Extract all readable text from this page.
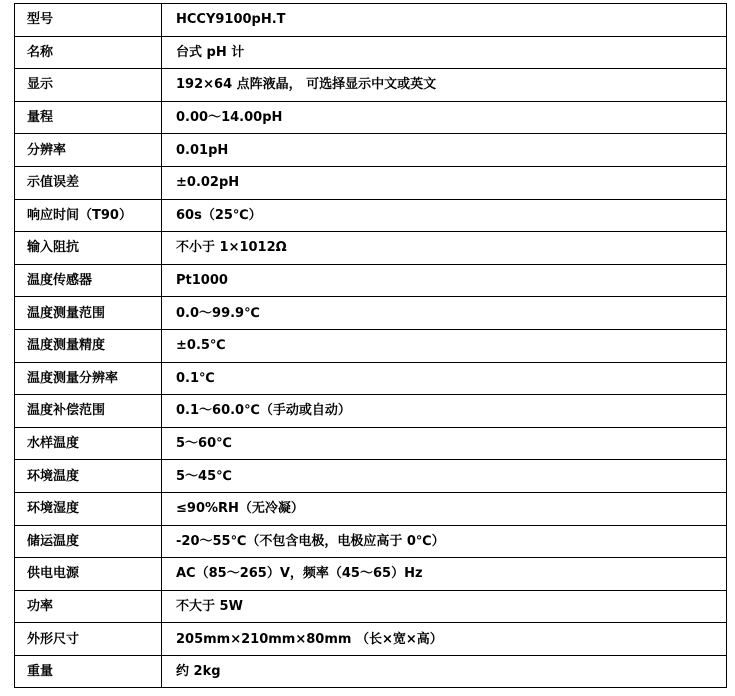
型号	HCCY9100pH.T
名称	台式 pH 计
显示	192×64 点阵液晶， 可选择显示中文或英文
量程	0.00～14.00pH
分辨率	0.01pH
示值误差	±0.02pH
响应时间（T90）	60s（25℃）
输入阻抗	不小于 1×1012Ω
温度传感器	Pt1000
温度测量范围	0.0～99.9℃
温度测量精度	±0.5℃
温度测量分辨率	0.1℃
温度补偿范围	0.1～60.0℃（手动或自动）
水样温度	5～60℃
环境温度	5～45℃
环境湿度	≤90%RH（无冷凝）
储运温度	-20～55℃（不包含电极，电极应高于 0℃）
供电电源	AC（85～265）V，频率（45～65）Hz
功率	不大于 5W
外形尺寸	205mm×210mm×80mm （长×宽×高）
重量	约 2kg
